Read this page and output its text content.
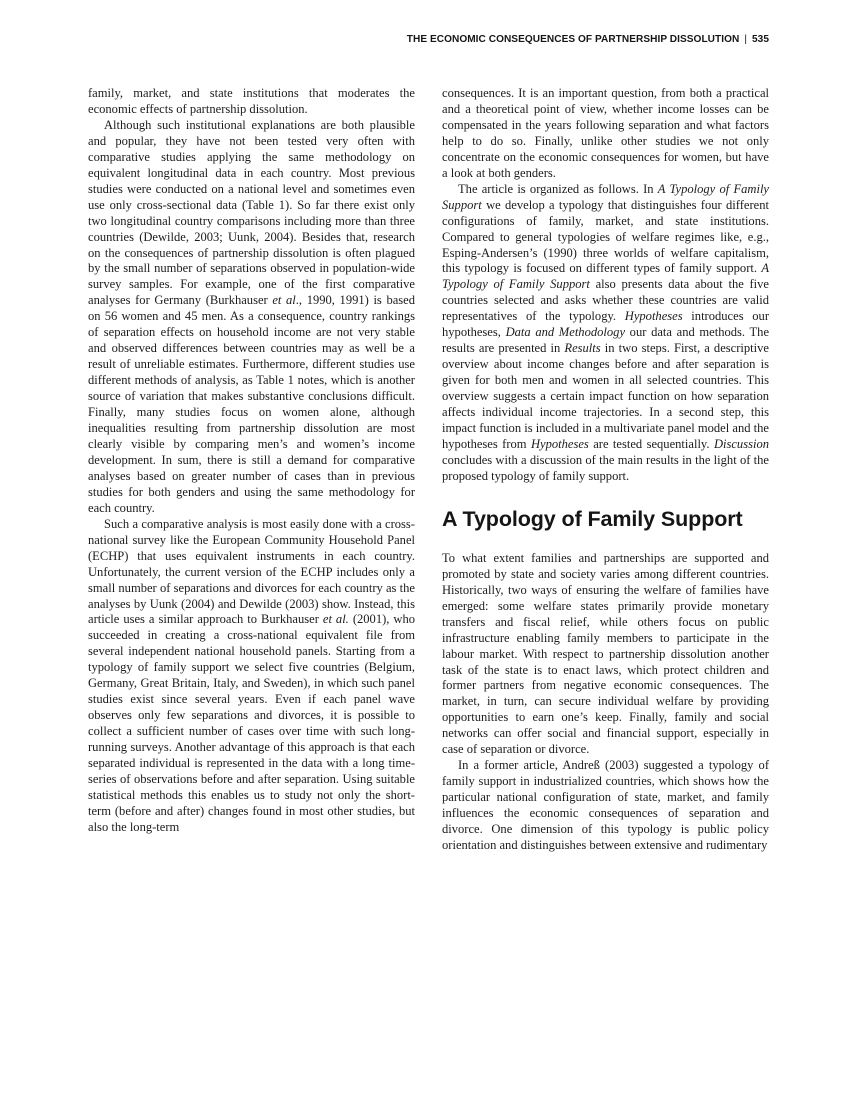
THE ECONOMIC CONSEQUENCES OF PARTNERSHIP DISSOLUTION | 535

family, market, and state institutions that moderates the economic effects of partnership dissolution.

Although such institutional explanations are both plausible and popular, they have not been tested very often with comparative studies applying the same methodology on equivalent longitudinal data in each country. Most previous studies were conducted on a national level and sometimes even use only cross-sectional data (Table 1). So far there exist only two longitudinal country comparisons including more than three countries (Dewilde, 2003; Uunk, 2004). Besides that, research on the consequences of partnership dissolution is often plagued by the small number of separations observed in population-wide survey samples. For example, one of the first comparative analyses for Germany (Burkhauser et al., 1990, 1991) is based on 56 women and 45 men. As a consequence, country rankings of separation effects on household income are not very stable and observed differences between countries may as well be a result of unreliable estimates. Furthermore, different studies use different methods of analysis, as Table 1 notes, which is another source of variation that makes substantive conclusions difficult. Finally, many studies focus on women alone, although inequalities resulting from partnership dissolution are most clearly visible by comparing men’s and women’s income development. In sum, there is still a demand for comparative analyses based on greater number of cases than in previous studies for both genders and using the same methodology for each country.

Such a comparative analysis is most easily done with a cross-national survey like the European Community Household Panel (ECHP) that uses equivalent instruments in each country. Unfortunately, the current version of the ECHP includes only a small number of separations and divorces for each country as the analyses by Uunk (2004) and Dewilde (2003) show. Instead, this article uses a similar approach to Burkhauser et al. (2001), who succeeded in creating a cross-national equivalent file from several independent national household panels. Starting from a typology of family support we select five countries (Belgium, Germany, Great Britain, Italy, and Sweden), in which such panel studies exist since several years. Even if each panel wave observes only few separations and divorces, it is possible to collect a sufficient number of cases over time with such long-running surveys. Another advantage of this approach is that each separated individual is represented in the data with a long time-series of observations before and after separation. Using suitable statistical methods this enables us to study not only the short-term (before and after) changes found in most other studies, but also the long-term

consequences. It is an important question, from both a practical and a theoretical point of view, whether income losses can be compensated in the years following separation and what factors help to do so. Finally, unlike other studies we not only concentrate on the economic consequences for women, but have a look at both genders.

The article is organized as follows. In A Typology of Family Support we develop a typology that distinguishes four different configurations of family, market, and state institutions. Compared to general typologies of welfare regimes like, e.g., Esping-Andersen’s (1990) three worlds of welfare capitalism, this typology is focused on different types of family support. A Typology of Family Support also presents data about the five countries selected and asks whether these countries are valid representatives of the typology. Hypotheses introduces our hypotheses, Data and Methodology our data and methods. The results are presented in Results in two steps. First, a descriptive overview about income changes before and after separation is given for both men and women in all selected countries. This overview suggests a certain impact function on how separation affects individual income trajectories. In a second step, this impact function is included in a multivariate panel model and the hypotheses from Hypotheses are tested sequentially. Discussion concludes with a discussion of the main results in the light of the proposed typology of family support.

A Typology of Family Support

To what extent families and partnerships are supported and promoted by state and society varies among different countries. Historically, two ways of ensuring the welfare of families have emerged: some welfare states primarily provide monetary transfers and fiscal relief, while others focus on public infrastructure enabling family members to participate in the labour market. With respect to partnership dissolution another task of the state is to enact laws, which protect children and former partners from negative economic consequences. The market, in turn, can secure individual welfare by providing opportunities to earn one’s keep. Finally, family and social networks can offer social and financial support, especially in case of separation or divorce.

In a former article, Andreß (2003) suggested a typology of family support in industrialized countries, which shows how the particular national configuration of state, market, and family influences the economic consequences of separation and divorce. One dimension of this typology is public policy orientation and distinguishes between extensive and rudimentary
